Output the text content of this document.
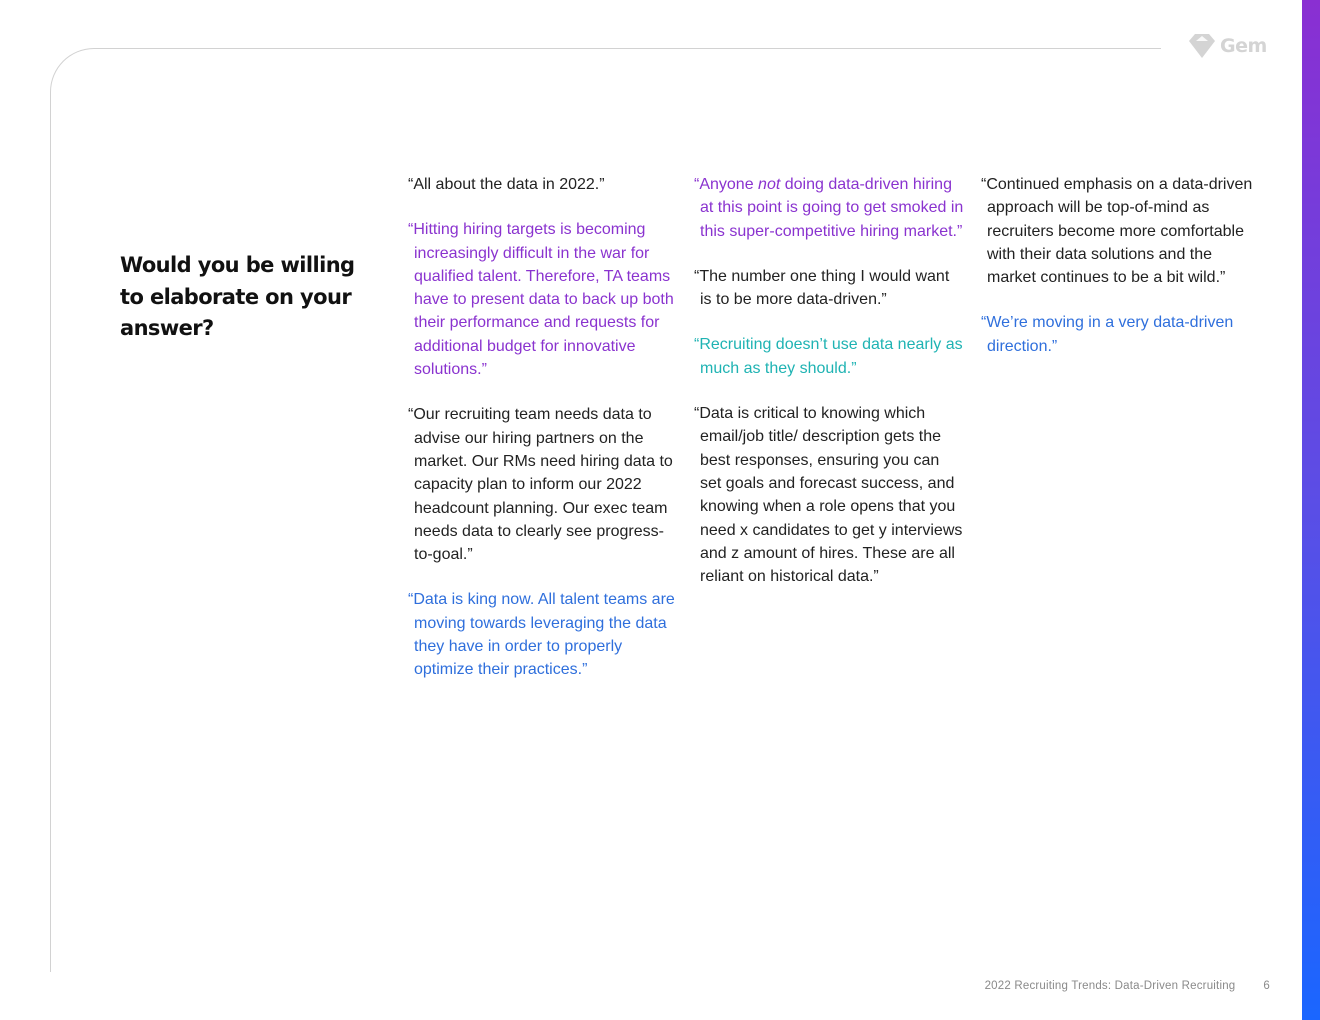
Gem
Would you be willing to elaborate on your answer?

“All about the data in 2022.”

“Hitting hiring targets is becoming increasingly difficult in the war for qualified talent. Therefore, TA teams have to present data to back up both their performance and requests for additional budget for innovative solutions.”

“Our recruiting team needs data to advise our hiring partners on the market. Our RMs need hiring data to capacity plan to inform our 2022 headcount planning. Our exec team needs data to clearly see progress-to-goal.”

“Data is king now. All talent teams are moving towards leveraging the data they have in order to properly optimize their practices.”

“Anyone not doing data-driven hiring at this point is going to get smoked in this super-competitive hiring market.”

“The number one thing I would want is to be more data-driven.”

“Recruiting doesn’t use data nearly as much as they should.”

“Data is critical to knowing which email/job title/ description gets the best responses, ensuring you can set goals and forecast success, and knowing when a role opens that you need x candidates to get y interviews and z amount of hires. These are all reliant on historical data.”

“Continued emphasis on a data-driven approach will be top-of-mind as recruiters become more comfortable with their data solutions and the market continues to be a bit wild.”

“We’re moving in a very data-driven direction.”

2022 Recruiting Trends: Data-Driven Recruiting 6
